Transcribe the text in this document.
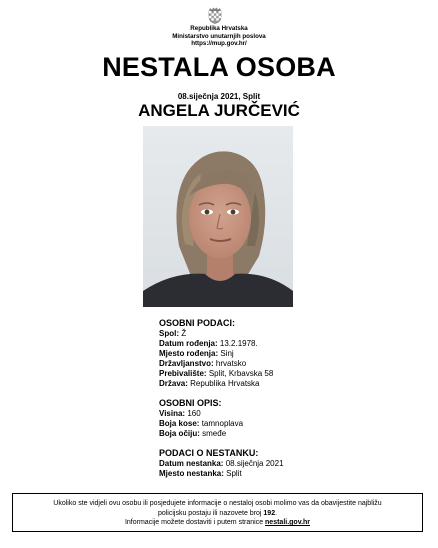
Republika Hrvatska
Ministarstvo unutarnjih poslova
https://mup.gov.hr/
NESTALA OSOBA
08.siječnja 2021, Split
ANGELA JURČEVIĆ
OSOBNI PODACI:
Spol: Ž
Datum rođenja: 13.2.1978.
Mjesto rođenja: Sinj
Državljanstvo: hrvatsko
Prebivalište: Split, Krbavska 58
Država: Republika Hrvatska
OSOBNI OPIS:
Visina: 160
Boja kose: tamnoplava
Boja očiju: smeđe
PODACI O NESTANKU:
Datum nestanka: 08.siječnja 2021
Mjesto nestanka: Split
Ukoliko ste vidjeli ovu osobu ili posjedujete informacije o nestaloj osobi molimo vas da obavijestite najbližu
policijsku postaju ili nazovete broj 192.
Informacije možete dostaviti i putem stranice nestali.gov.hr
